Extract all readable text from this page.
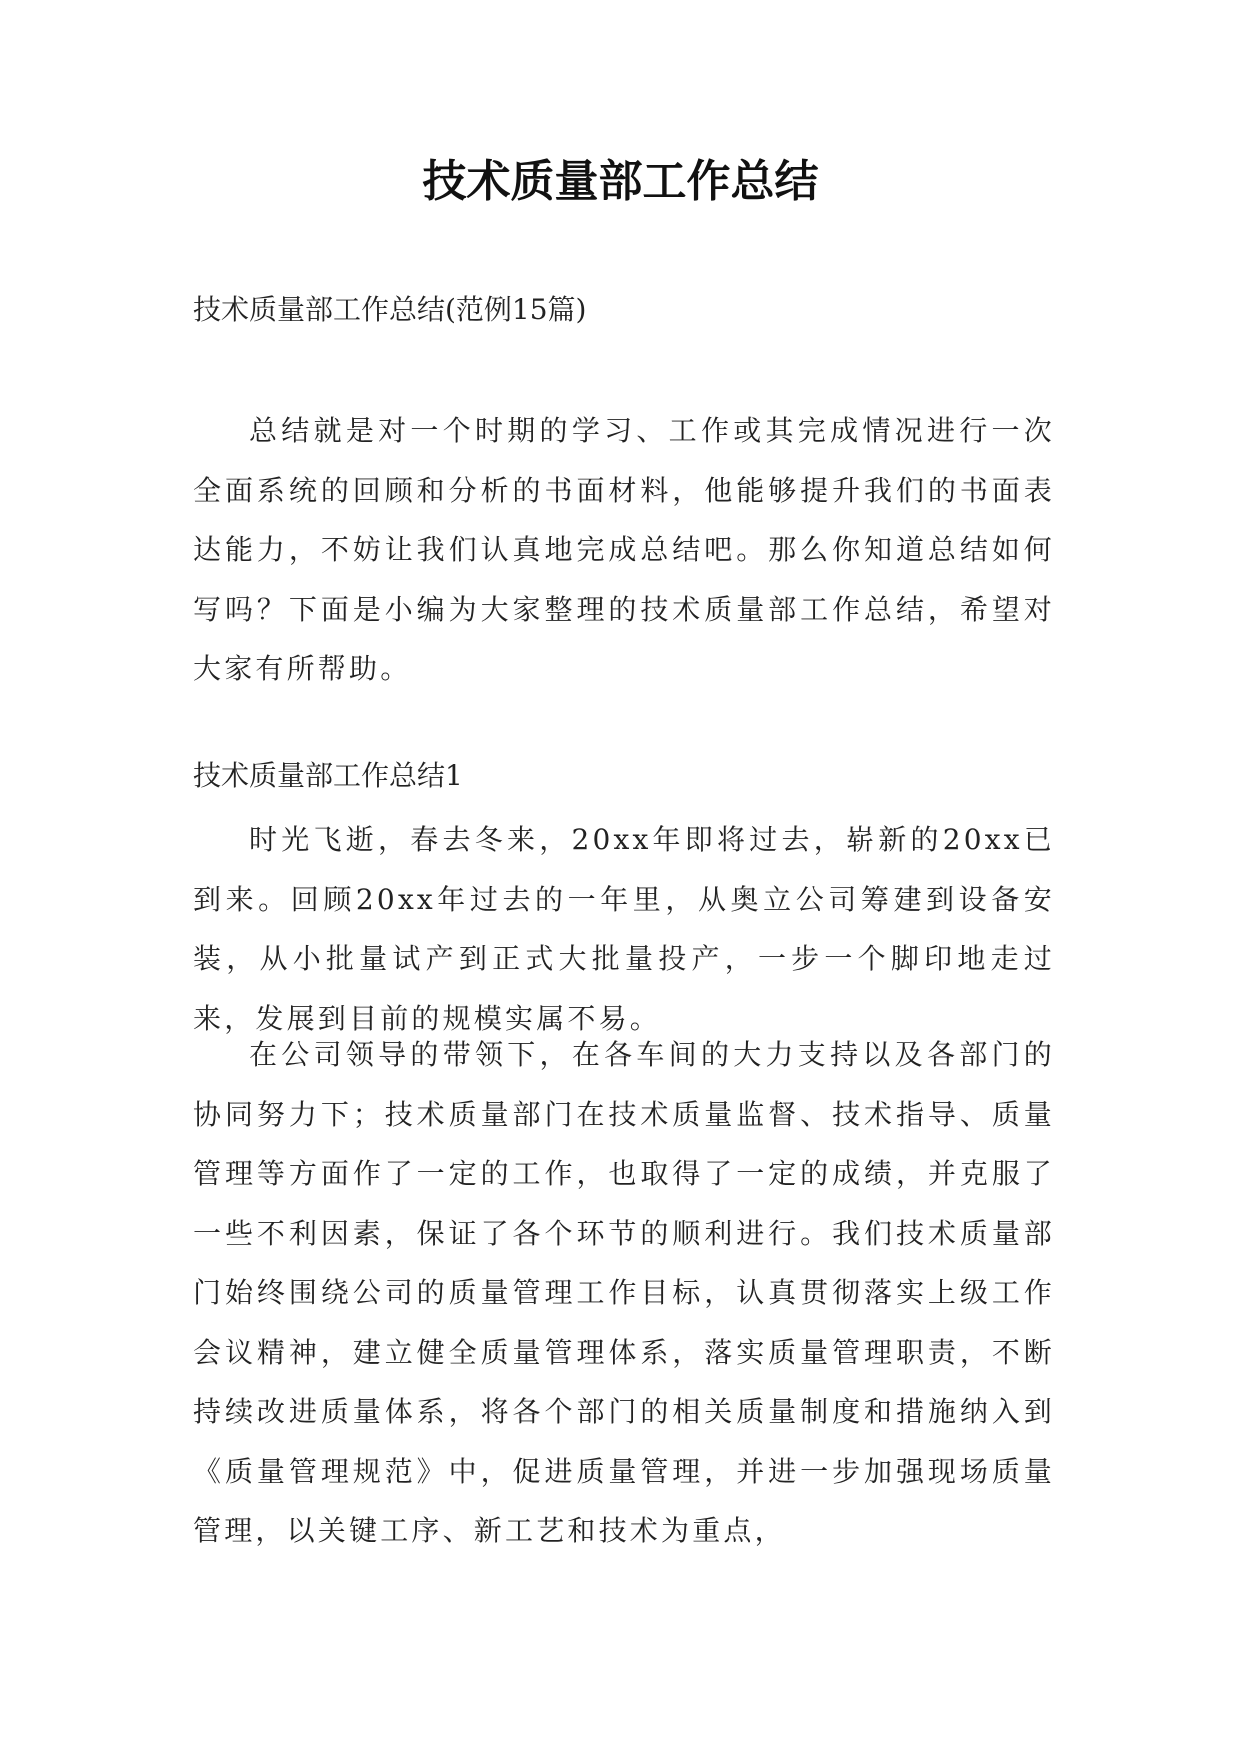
技术质量部工作总结

技术质量部工作总结(范例15篇)

总结就是对一个时期的学习、工作或其完成情况进行一次全面系统的回顾和分析的书面材料，他能够提升我们的书面表达能力，不妨让我们认真地完成总结吧。那么你知道总结如何写吗？下面是小编为大家整理的技术质量部工作总结，希望对大家有所帮助。

技术质量部工作总结1

时光飞逝，春去冬来，20xx年即将过去，崭新的20xx已到来。回顾20xx年过去的一年里，从奥立公司筹建到设备安装，从小批量试产到正式大批量投产，一步一个脚印地走过来，发展到目前的规模实属不易。

在公司领导的带领下，在各车间的大力支持以及各部门的协同努力下；技术质量部门在技术质量监督、技术指导、质量管理等方面作了一定的工作，也取得了一定的成绩，并克服了一些不利因素，保证了各个环节的顺利进行。我们技术质量部门始终围绕公司的质量管理工作目标，认真贯彻落实上级工作会议精神，建立健全质量管理体系，落实质量管理职责，不断持续改进质量体系，将各个部门的相关质量制度和措施纳入到《质量管理规范》中，促进质量管理，并进一步加强现场质量管理，以关键工序、新工艺和技术为重点，
